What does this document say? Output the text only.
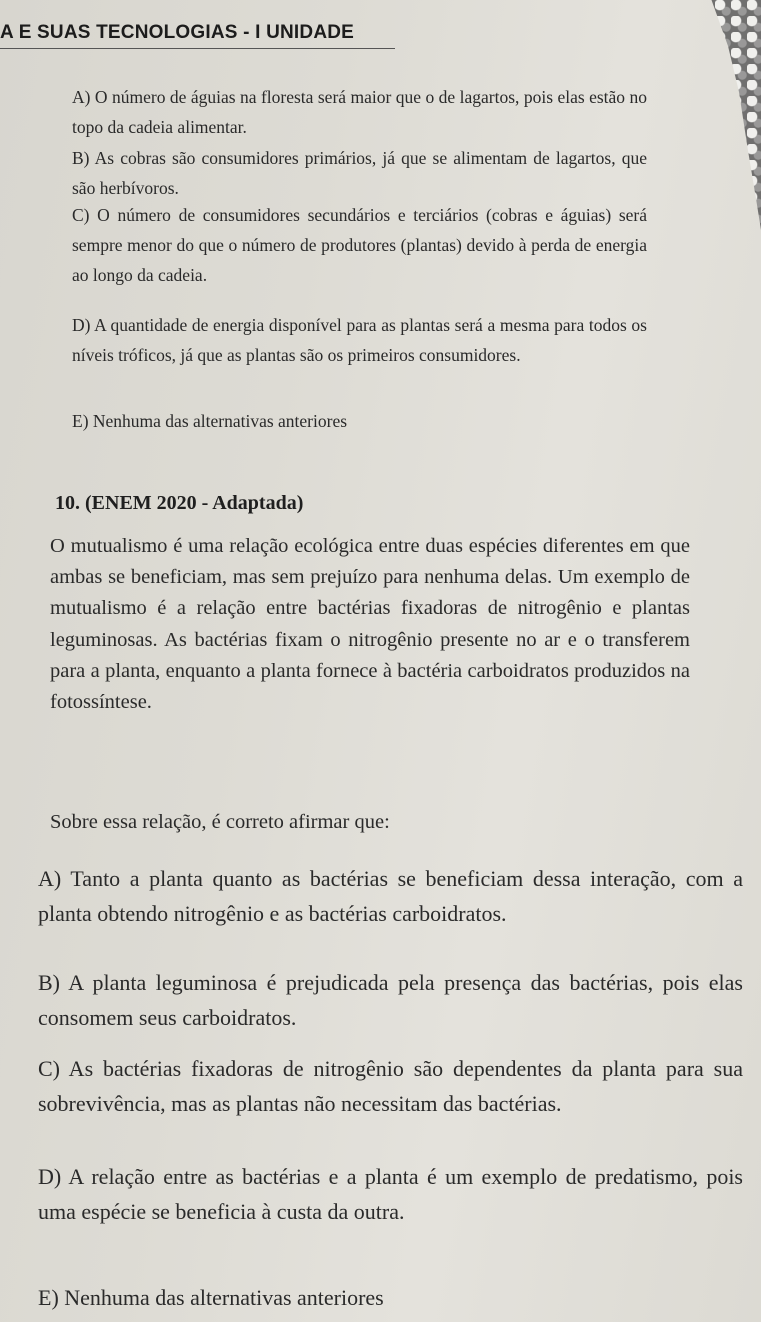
A E SUAS TECNOLOGIAS - I UNIDADE
A) O número de águias na floresta será maior que o de lagartos, pois elas estão no topo da cadeia alimentar.
B) As cobras são consumidores primários, já que se alimentam de lagartos, que são herbívoros.
C) O número de consumidores secundários e terciários (cobras e águias) será sempre menor do que o número de produtores (plantas) devido à perda de energia ao longo da cadeia.
D) A quantidade de energia disponível para as plantas será a mesma para todos os níveis tróficos, já que as plantas são os primeiros consumidores.
E) Nenhuma das alternativas anteriores
10. (ENEM 2020 - Adaptada)
O mutualismo é uma relação ecológica entre duas espécies diferentes em que ambas se beneficiam, mas sem prejuízo para nenhuma delas. Um exemplo de mutualismo é a relação entre bactérias fixadoras de nitrogênio e plantas leguminosas. As bactérias fixam o nitrogênio presente no ar e o transferem para a planta, enquanto a planta fornece à bactéria carboidratos produzidos na fotossíntese.
Sobre essa relação, é correto afirmar que:
A) Tanto a planta quanto as bactérias se beneficiam dessa interação, com a planta obtendo nitrogênio e as bactérias carboidratos.
B) A planta leguminosa é prejudicada pela presença das bactérias, pois elas consomem seus carboidratos.
C) As bactérias fixadoras de nitrogênio são dependentes da planta para sua sobrevivência, mas as plantas não necessitam das bactérias.
D) A relação entre as bactérias e a planta é um exemplo de predatismo, pois uma espécie se beneficia à custa da outra.
E) Nenhuma das alternativas anteriores
